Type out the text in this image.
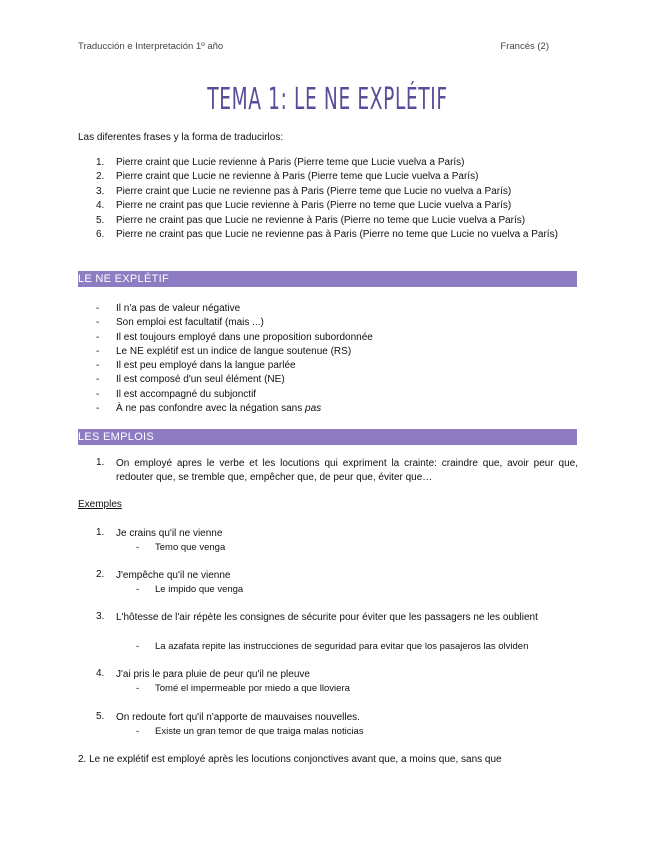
Traducción e Interpretación 1º año	Francés (2)
TEMA 1: LE NE EXPLÉTIF
Las diferentes frases y la forma de traducirlos:
1.	Pierre craint que Lucie revienne à Paris (Pierre teme que Lucie vuelva a París)
2.	Pierre craint que Lucie ne revienne à Paris (Pierre teme que Lucie vuelva a París)
3.	Pierre craint que Lucie ne revienne pas à Paris (Pierre teme que Lucie no vuelva a París)
4.	Pierre ne craint pas que Lucie revienne à Paris (Pierre no teme que Lucie vuelva a París)
5.	Pierre ne craint pas que Lucie ne revienne à Paris (Pierre no teme que Lucie vuelva a París)
6.	Pierre ne craint pas que Lucie ne revienne pas à Paris (Pierre no teme que Lucie no vuelva a París)
LE NE EXPLÉTIF
-	Il n'a pas de valeur négative
-	Son emploi est facultatif (mais ...)
-	Il est toujours employé dans une proposition subordonnée
-	Le NE explétif est un indice de langue soutenue (RS)
-	Il est peu employé dans la langue parlée
-	Il est composé d'un seul élément (NE)
-	Il est accompagné du subjonctif
-	À ne pas confondre avec la négation sans pas
LES EMPLOIS
1. On employé apres le verbe et les locutions qui expriment la crainte: craindre que, avoir peur que, redouter que, se tremble que, empêcher que, de peur que, éviter que…
Exemples
1. Je crains qu'il ne vienne
- Temo que venga
2. J'empêche qu'il ne vienne
- Le impido que venga
3. L'hôtesse de l'air répète les consignes de sécurite pour éviter que les passagers ne les oublient
- La azafata repite las instrucciones de seguridad para evitar que los pasajeros las olviden
4. J'ai pris le para pluie de peur qu'il ne pleuve
- Tomé el impermeable por miedo a que lloviera
5. On redoute fort qu'il n'apporte de mauvaises nouvelles.
- Existe un gran temor de que traiga malas noticias
2. Le ne explétif est employé après les locutions conjonctives avant que, a moins que, sans que
